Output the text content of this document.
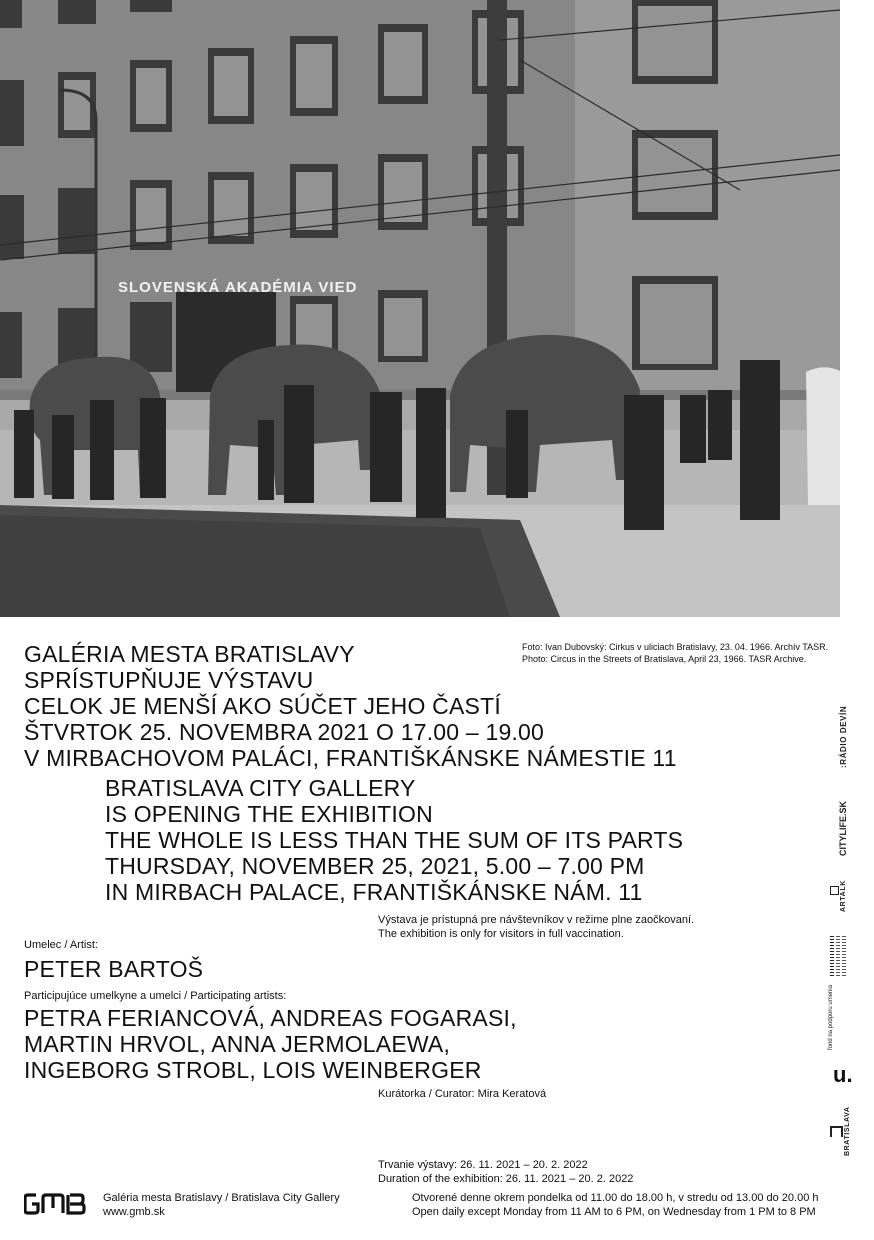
SLOVENSKÁ AKADÉMIA VIED
Foto: Ivan Dubovský: Cirkus v uliciach Bratislavy, 23. 04. 1966. Archív TASR.
Photo: Circus in the Streets of Bratislava, April 23, 1966. TASR Archive.
GALÉRIA MESTA BRATISLAVY
SPRÍSTUPŇUJE VÝSTAVU
CELOK JE MENŠÍ AKO SÚČET JEHO ČASTÍ
ŠTVRTOK 25. NOVEMBRA 2021 O 17.00 – 19.00
V MIRBACHOVOM PALÁCI, FRANTIŠKÁNSKE NÁMESTIE 11
BRATISLAVA CITY GALLERY
IS OPENING THE EXHIBITION
THE WHOLE IS LESS THAN THE SUM OF ITS PARTS
THURSDAY, NOVEMBER 25, 2021, 5.00 – 7.00 PM
IN MIRBACH PALACE, FRANTIŠKÁNSKE NÁM. 11
Výstava je prístupná pre návštevníkov v režime plne zaočkovaní.
The exhibition is only for visitors in full vaccination.
Umelec / Artist:
PETER BARTOŠ
Participujúce umelkyne a umelci / Participating artists:
PETRA FERIANCOVÁ, ANDREAS FOGARASI,
MARTIN HRVOL, ANNA JERMOLAEWA,
INGEBORG STROBL, LOIS WEINBERGER
Kurátorka / Curator: Mira Keratová
Trvanie výstavy: 26. 11. 2021 – 20. 2. 2022
Duration of the exhibition: 26. 11. 2021 – 20. 2. 2022
Otvorené denne okrem pondelka od 11.00 do 18.00 h, v stredu od 13.00 do 20.00 h
Open daily except Monday from 11 AM to 6 PM, on Wednesday from 1 PM to 8 PM
Galéria mesta Bratislavy / Bratislava City Gallery
www.gmb.sk
:RÁDIO DEVÍN
CITYLIFE.SK
ARTALK
fond na podporu umenia
u.
BRATISLAVA
